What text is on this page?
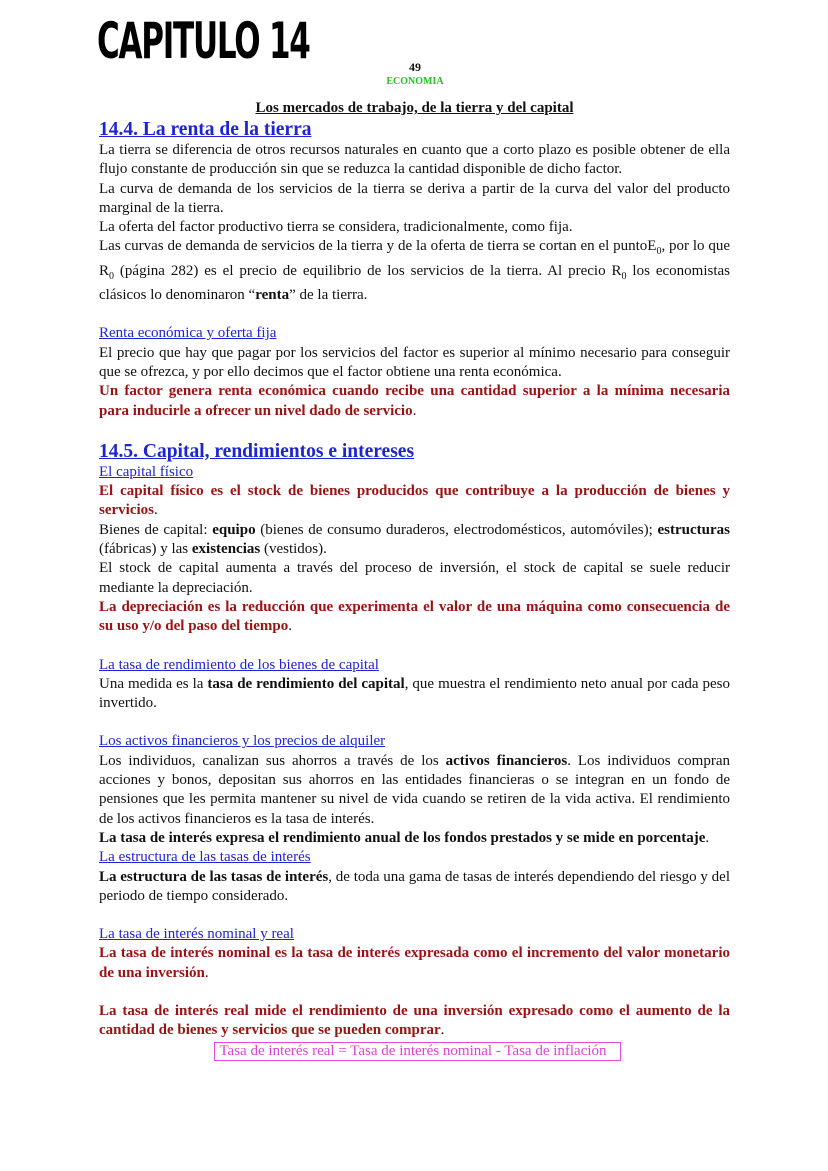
CAPITULO 14	49
ECONOMIA
Los mercados de trabajo, de la tierra y del capital
14.4. La renta de la tierra

La tierra se diferencia de otros recursos naturales en cuanto que a corto plazo es posible obtener de ella flujo constante de producción sin que se reduzca la cantidad disponible de dicho factor.

La curva de demanda de los servicios de la tierra se deriva a partir de la curva del valor del producto marginal de la tierra.

La oferta del factor productivo tierra se considera, tradicionalmente, como fija.

Las curvas de demanda de servicios de la tierra y de la oferta de tierra se cortan en el puntoE$_0$, por lo que $R_0$ (página 282) es el precio de equilibrio de los servicios de la tierra. Al precio $R_0$ los economistas clásicos lo denominaron “renta” de la tierra.

Renta económica y oferta fija

El precio que hay que pagar por los servicios del factor es superior al mínimo necesario para conseguir que se ofrezca, y por ello decimos que el factor obtiene una renta económica.

Un factor genera renta económica cuando recibe una cantidad superior a la mínima necesaria para inducirle a ofrecer un nivel dado de servicio.

14.5. Capital, rendimientos e intereses
El capital físico

El capital físico es el stock de bienes producidos que contribuye a la producción de bienes y servicios.

Bienes de capital: equipo (bienes de consumo duraderos, electrodomésticos, automóviles); estructuras (fábricas) y las existencias (vestidos).

El stock de capital aumenta a través del proceso de inversión, el stock de capital se suele reducir mediante la depreciación.

La depreciación es la reducción que experimenta el valor de una máquina como consecuencia de su uso y/o del paso del tiempo.

La tasa de rendimiento de los bienes de capital

Una medida es la tasa de rendimiento del capital, que muestra el rendimiento neto anual por cada peso invertido.

Los activos financieros y los precios de alquiler

Los individuos, canalizan sus ahorros a través de los activos financieros. Los individuos compran acciones y bonos, depositan sus ahorros en las entidades financieras o se integran en un fondo de pensiones que les permita mantener su nivel de vida cuando se retiren de la vida activa. El rendimiento de los activos financieros es la tasa de interés.

La tasa de interés expresa el rendimiento anual de los fondos prestados y se mide en porcentaje.

La estructura de las tasas de interés

La estructura de las tasas de interés, de toda una gama de tasas de interés dependiendo del riesgo y del periodo de tiempo considerado.

La tasa de interés nominal y real

La tasa de interés nominal es la tasa de interés expresada como el incremento del valor monetario de una inversión.

La tasa de interés real mide el rendimiento de una inversión expresado como el aumento de la cantidad de bienes y servicios que se pueden comprar.

Tasa de interés real = Tasa de interés nominal - Tasa de inflación
